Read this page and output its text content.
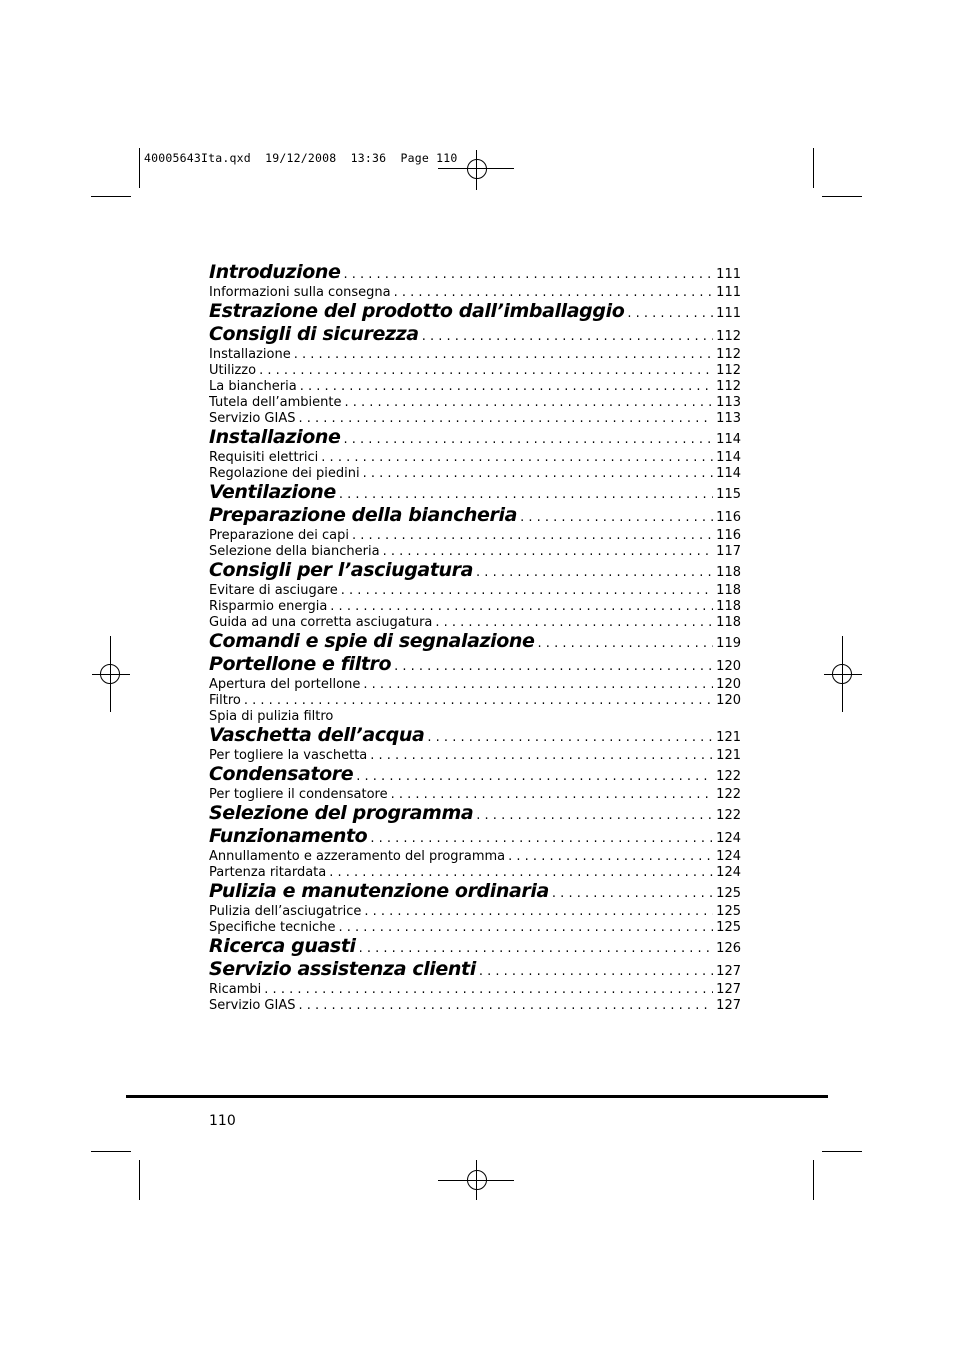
40005643Ita.qxd  19/12/2008  13:36  Page 110
Introduzione . . .	111
Informazioni sulla consegna . . .	111
Estrazione del prodotto dall’imballaggio . . .	111
Consigli di sicurezza . . .	112
Installazione . . .	112
Utilizzo . . .	112
La biancheria . . .	112
Tutela dell’ambiente . . .	113
Servizio GIAS . . .	113
Installazione . . .	114
Requisiti elettrici . . .	114
Regolazione dei piedini . . .	114
Ventilazione . . .	115
Preparazione della biancheria . . .	116
Preparazione dei capi . . .	116
Selezione della biancheria . . .	117
Consigli per l’asciugatura . . .	118
Evitare di asciugare . . .	118
Risparmio energia . . .	118
Guida ad una corretta asciugatura . . .	118
Comandi e spie di segnalazione . . .	119
Portellone e filtro . . .	120
Apertura del portellone . . .	120
Filtro . . .	120
Spia di pulizia filtro
Vaschetta dell’acqua . . .	121
Per togliere la vaschetta . . .	121
Condensatore . . .	122
Per togliere il condensatore . . .	122
Selezione del programma . . .	122
Funzionamento . . .	124
Annullamento e azzeramento del programma . . .	124
Partenza ritardata . . .	124
Pulizia e manutenzione ordinaria . . .	125
Pulizia dell’asciugatrice . . .	125
Specifiche tecniche . . .	125
Ricerca guasti . . .	126
Servizio assistenza clienti . . .	127
Ricambi . . .	127
Servizio GIAS . . .	127
110
